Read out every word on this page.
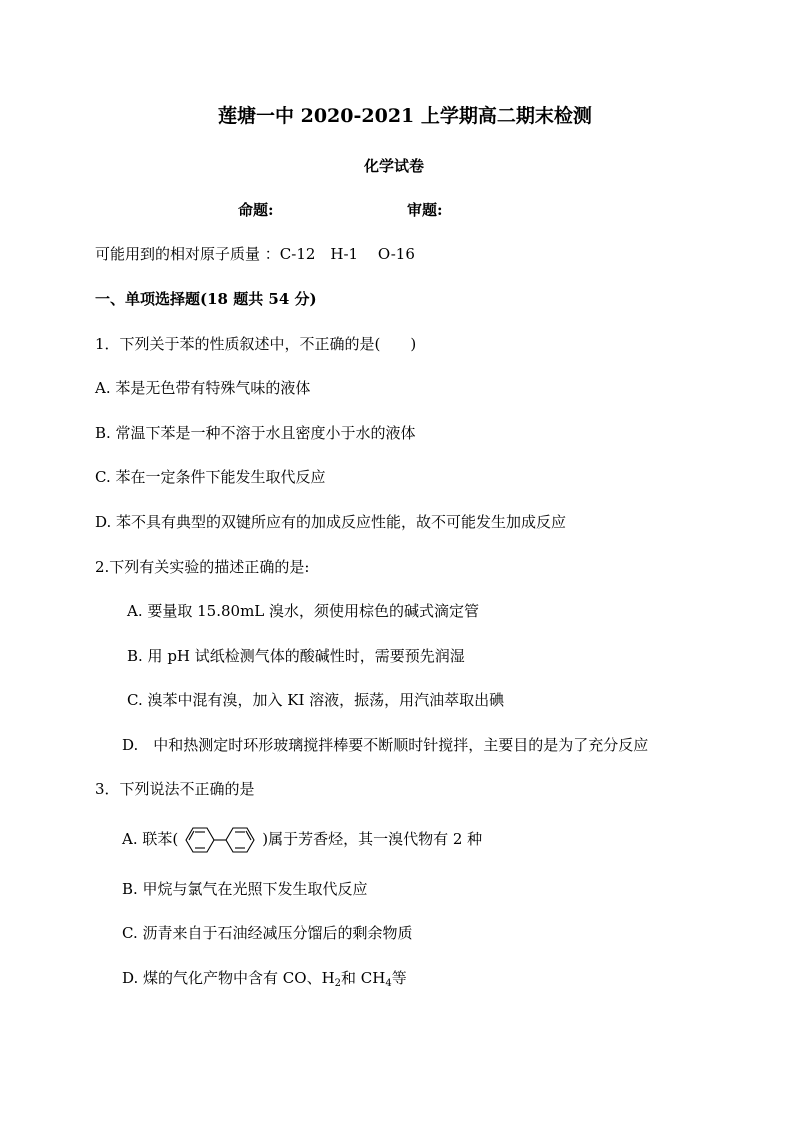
莲塘一中 2020-2021 上学期高二期末检测
化学试卷
命题:	审题:
可能用到的相对原子质量 ：C-12　H-1　 O-16
一、单项选择题(18 题共 54 分)
1．下列关于苯的性质叙述中，不正确的是(　　)
A. 苯是无色带有特殊气味的液体
B. 常温下苯是一种不溶于水且密度小于水的液体
C. 苯在一定条件下能发生取代反应
D. 苯不具有典型的双键所应有的加成反应性能，故不可能发生加成反应
2.下列有关实验的描述正确的是:
A. 要量取 15.80mL 溴水，须使用棕色的碱式滴定管
B. 用 pH 试纸检测气体的酸碱性时，需要预先润湿
C. 溴苯中混有溴，加入 KI 溶液，振荡，用汽油萃取出碘
D.　中和热测定时环形玻璃搅拌棒要不断顺时针搅拌，主要目的是为了充分反应
3．下列说法不正确的是
A. 联苯(	)属于芳香烃，其一溴代物有 2 种
B. 甲烷与氯气在光照下发生取代反应
C. 沥青来自于石油经减压分馏后的剩余物质
D. 煤的气化产物中含有 CO、$H_2$和 $CH_4$等
